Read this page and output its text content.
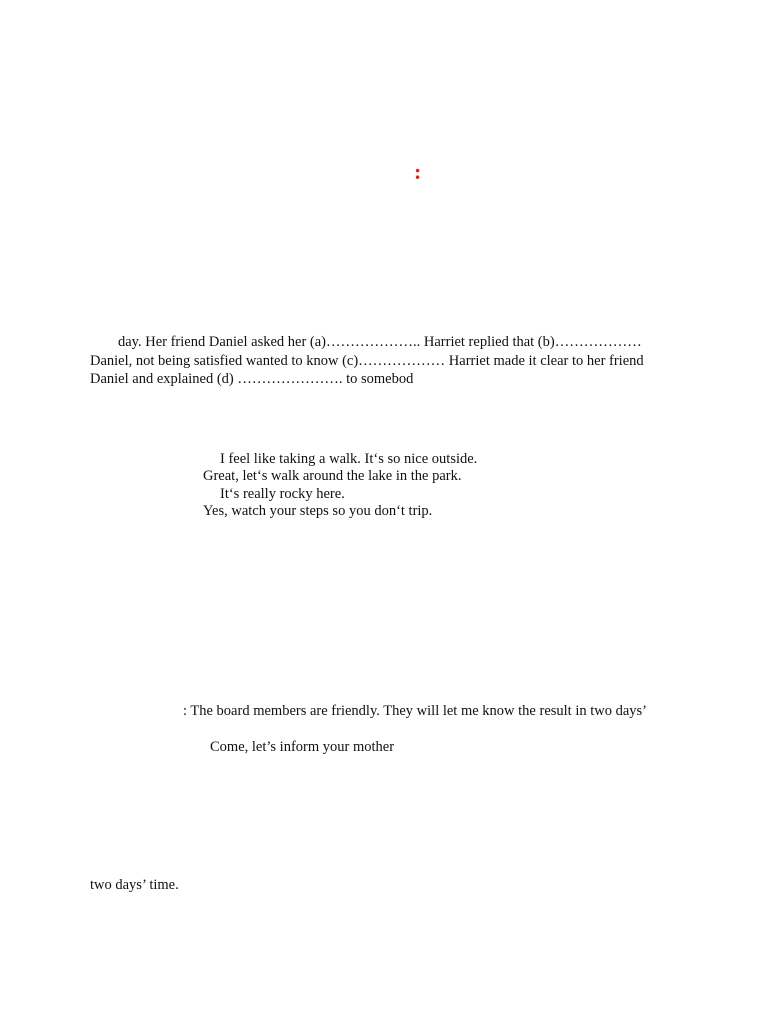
:
day. Her friend Daniel asked her (a)……………….. Harriet replied that (b)………………
Daniel, not being satisfied wanted to know (c)……………… Harriet made it clear to her friend
Daniel and explained (d) …………………. to somebod
I feel like taking a walk. It‘s so nice outside.
Great, let‘s walk around the lake in the park.
It‘s really rocky here.
Yes, watch your steps so you don‘t trip.
: The board members are friendly. They will let me know the result in two days’
Come, let’s inform your mother
two days’ time.
